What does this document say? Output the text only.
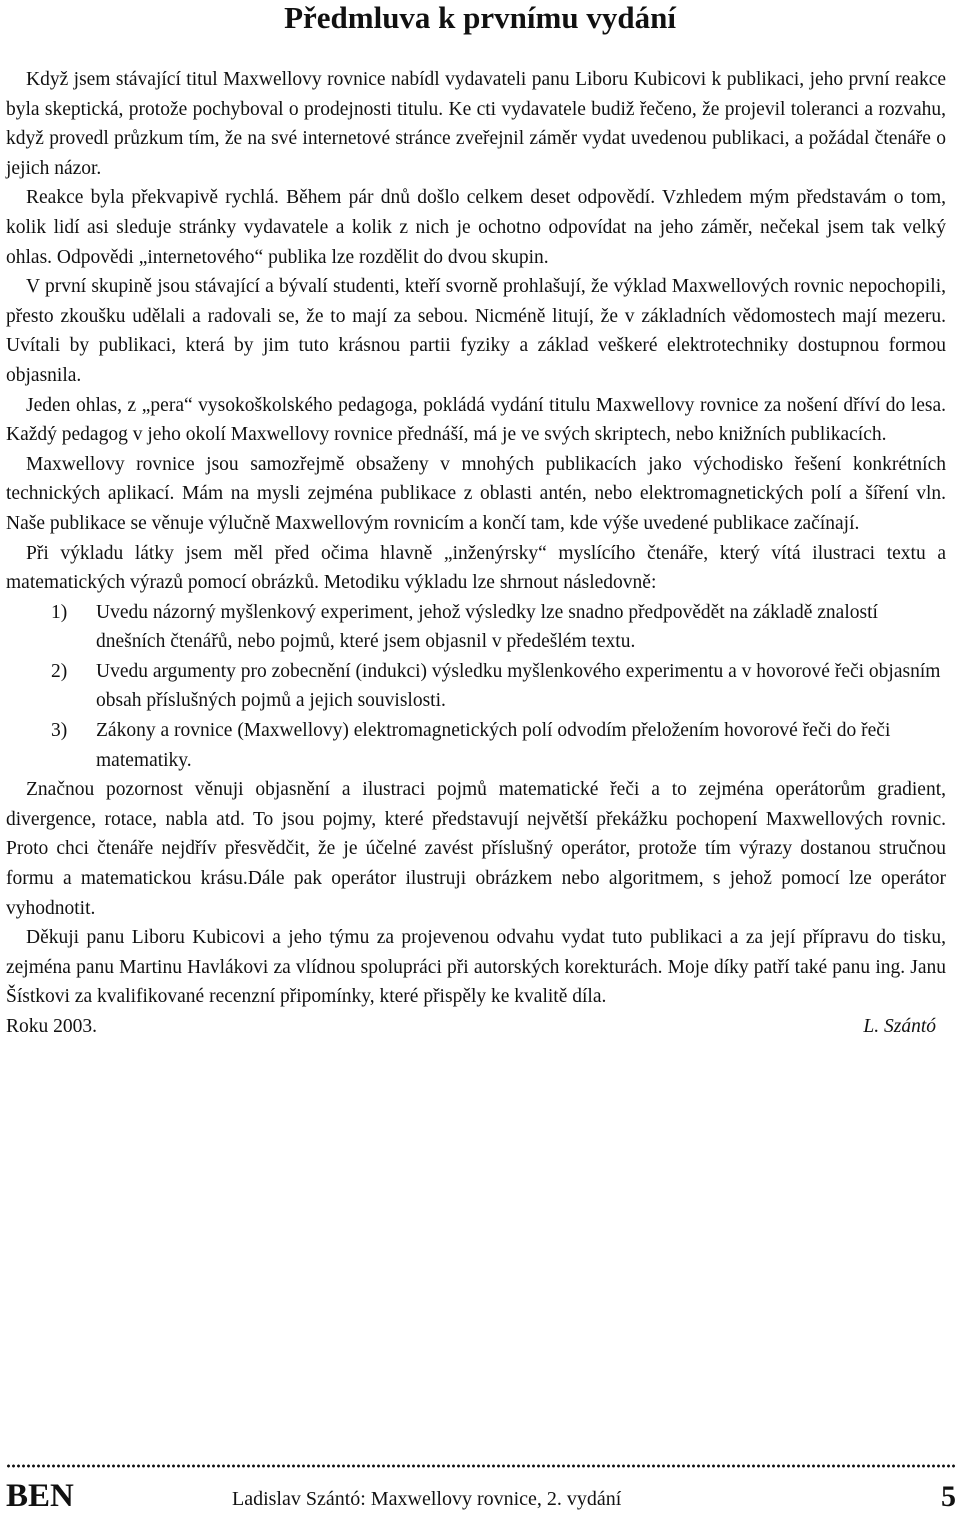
Předmluva k prvnímu vydání

Když jsem stávající titul Maxwellovy rovnice nabídl vydavateli panu Liboru Kubicovi k publikaci, jeho první reakce byla skeptická, protože pochyboval o prodejnosti titulu. Ke cti vydavatele budiž řečeno, že projevil toleranci a rozvahu, když provedl průzkum tím, že na své internetové stránce zveřejnil záměr vydat uvedenou publikaci, a požádal čtenáře o jejich názor.

Reakce byla překvapivě rychlá. Během pár dnů došlo celkem deset odpovědí. Vzhledem mým představám o tom, kolik lidí asi sleduje stránky vydavatele a kolik z nich je ochotno odpovídat na jeho záměr, nečekal jsem tak velký ohlas. Odpovědi „internetového“ publika lze rozdělit do dvou skupin.

V první skupině jsou stávající a bývalí studenti, kteří svorně prohlašují, že výklad Maxwellových rovnic nepochopili, přesto zkoušku udělali a radovali se, že to mají za sebou. Nicméně litují, že v základních vědomostech mají mezeru. Uvítali by publikaci, která by jim tuto krásnou partii fyziky a základ veškeré elektrotechniky dostupnou formou objasnila.

Jeden ohlas, z „pera“ vysokoškolského pedagoga, pokládá vydání titulu Maxwellovy rovnice za nošení dříví do lesa. Každý pedagog v jeho okolí Maxwellovy rovnice přednáší, má je ve svých skriptech, nebo knižních publikacích.

Maxwellovy rovnice jsou samozřejmě obsaženy v mnohých publikacích jako východisko řešení konkrétních technických aplikací. Mám na mysli zejména publikace z oblasti antén, nebo elektromagnetických polí a šíření vln. Naše publikace se věnuje výlučně Maxwellovým rovnicím a končí tam, kde výše uvedené publikace začínají.

Při výkladu látky jsem měl před očima hlavně „inženýrsky“ myslícího čtenáře, který vítá ilustraci textu a matematických výrazů pomocí obrázků. Metodiku výkladu lze shrnout následovně:

1)	Uvedu názorný myšlenkový experiment, jehož výsledky lze snadno předpovědět na základě znalostí dnešních čtenářů, nebo pojmů, které jsem objasnil v předešlém textu.
2)	Uvedu argumenty pro zobecnění (indukci) výsledku myšlenkového experimentu a v hovorové řeči objasním obsah příslušných pojmů a jejich souvislosti.
3)	Zákony a rovnice (Maxwellovy) elektromagnetických polí odvodím přeložením hovorové řeči do řeči matematiky.

Značnou pozornost věnuji objasnění a ilustraci pojmů matematické řeči a to zejména operátorům gradient, divergence, rotace, nabla atd. To jsou pojmy, které představují největší překážku pochopení Maxwellových rovnic. Proto chci čtenáře nejdřív přesvědčit, že je účelné zavést příslušný operátor, protože tím výrazy dostanou stručnou formu a matematickou krásu.Dále pak operátor ilustruji obrázkem nebo algoritmem, s jehož pomocí lze operátor vyhodnotit.

Děkuji panu Liboru Kubicovi a jeho týmu za projevenou odvahu vydat tuto publikaci a za její přípravu do tisku, zejména panu Martinu Havlákovi za vlídnou spolupráci při autorských korekturách. Moje díky patří také panu ing. Janu Šístkovi za kvalifikované recenzní připomínky, které přispěly ke kvalitě díla.

Roku 2003.	L. Szántó
BEN	Ladislav Szántó: Maxwellovy rovnice, 2. vydání	5
